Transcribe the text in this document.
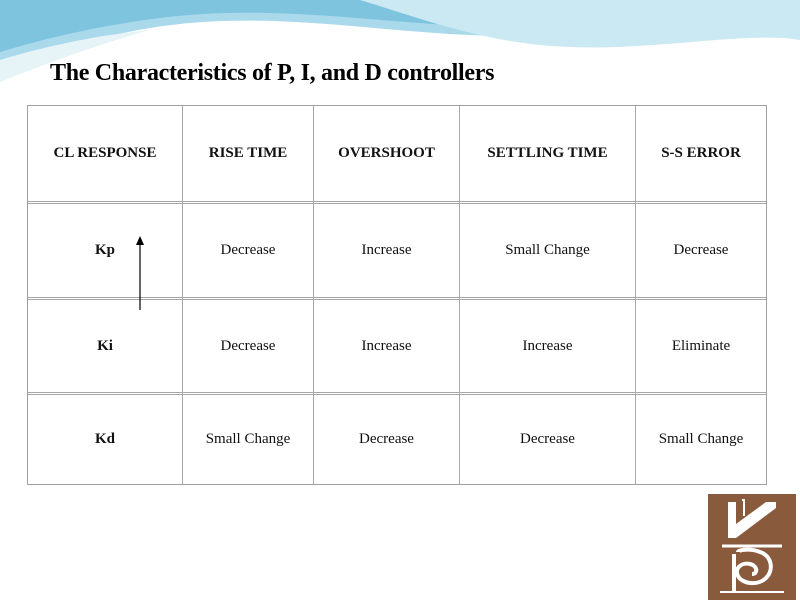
The Characteristics of P, I, and D controllers
CL RESPONSE	RISE TIME	OVERSHOOT	SETTLING TIME	S-S ERROR
Kp	Decrease	Increase	Small Change	Decrease
Ki	Decrease	Increase	Increase	Eliminate
Kd	Small Change	Decrease	Decrease	Small Change
